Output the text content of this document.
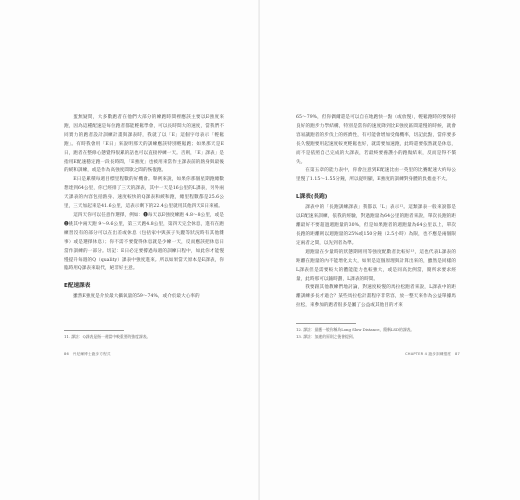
蛋無疑問，大多數跑者在他們大部分的練跑時間裡應該主要以E強度來跑，因為這種配速是每位跑者都能輕鬆學會，可以長時間大的速度，當我們不同實力的跑者設計訓練計畫與課表時，我就了以「E」這個字母表示「輕鬆跑」。有時我會用「E日」來說明那天的訓練應該特別輕鬆跑；如果那天是E日，跑者在整條心態覺得很累的話也可以直接停練一天。否則，「E」課表」是指用E配速穩定跑一段長時間，「E強度」也被用來當作主課表前的熱身與最後的緩和訓練，或是作為高強度間歇之間的恢復跑。

E日是累積每週目標里程數的好機會。舉例來說，如果你那個星期跑總數想達到64公里，你已經排了三天的課表，其中一天是16公里的L課表，另外兩天課表的內容包括熱身、速度較快的Q課表和緩和跑，總里程數都是25.6公里，三天加起來是41.6公里，這表示剩下的22.4公里就用其他四天E日來補。

這四天你可以任意作選擇，例如：❶每天以E強度練跑 4.8～8公里，或是❷挑其中兩天跑 9～9.6公里，第三天跑4.8公里，第四天完全休息，進有在跑練習沒有的部分可以在出差或休息（包括家中與孩子失蹤等狀況時有其他雜事）或是選擇休息）；你不需不要覺得休息就是少練一天，反而應該把休息日當作訓練的一部分。切記：E日必定要撐過每週的訓練日程中，如此你才能慢慢提升每週的Q（quality）課表中強度進來。所以如果當天原本是E課表，你臨時用Q課表來取代，絕非好主意。

E配速課表

雖然E強度是介於最大攝氧量的59～74%，或介於最大心率的

11. 譯註：Q課表是指一週當中較重要的強度課表。
86　丹尼爾博士跑步方程式

65～79%，但你偶爾還是可以自在地跑快一點（或放慢），輕鬆跑時的要保持良好的跑步力學結構，特別是當你的速度降到比E強度區間還慢的時候，就會容易讓跑者的步伐上的經濟性，有可能會增加受傷機率，切記此點，當你要多長久慢跑要用起速度較更輕鬆也好，就需要加速跑，此時還要依然就是休息，而不是依照自己完成的大課表，若最終要養護小的跑傷結束，反而是得不償失。

在第五章的能力表中，你會注意到E配速比由一英里的比賽配速大約每公里慢了1.15～1.55分鐘，所以從明顯，E強度的訓練對身體的負擔並不大。

L課表(長跑)

課表中的「長跑訓練課表」我都以「L」表示¹²。這類課表一般來說都是以E配速來訓練，依我的經驗，對過跑量為64公里的跑者來說，單次長跑的距離最好不要超過週跑量的30%，但是如果跑者的週跑量為64公里以上，單次長跑的距離則以週跑量的25%或150分鐘（2.5小時）為限，也不應是兩個限定兩者之間，以先到者為準。

週跑量在少量時的狀態期則用等強度配數者比較好¹³，這也代表L課表的距離在跑量的內不能增化太大，如果是這個原理與計算出來的，雖然是同樣的L課表但是需要較大的體能能力也較強大，或是同高比例當，簡所求要求經量，此時那可以隨時劃，L課表的時間。

我要跟其他教練們地討論，對速度較慢的馬拉松跑者來說，L課表中的距離訓練多長才適合？某些馬拉松計畫程序非常容，放一整天來作為公益單據馬拉松，來參加的跑者很多是屬了公益或其他目的才來

12. 譯註：最應一般你稱為Long Slow Distance，簡稱LSD的課表。
13. 譯註：加速的原則之後會提到。
CHAPTER 4 跑步訓練強度　87
